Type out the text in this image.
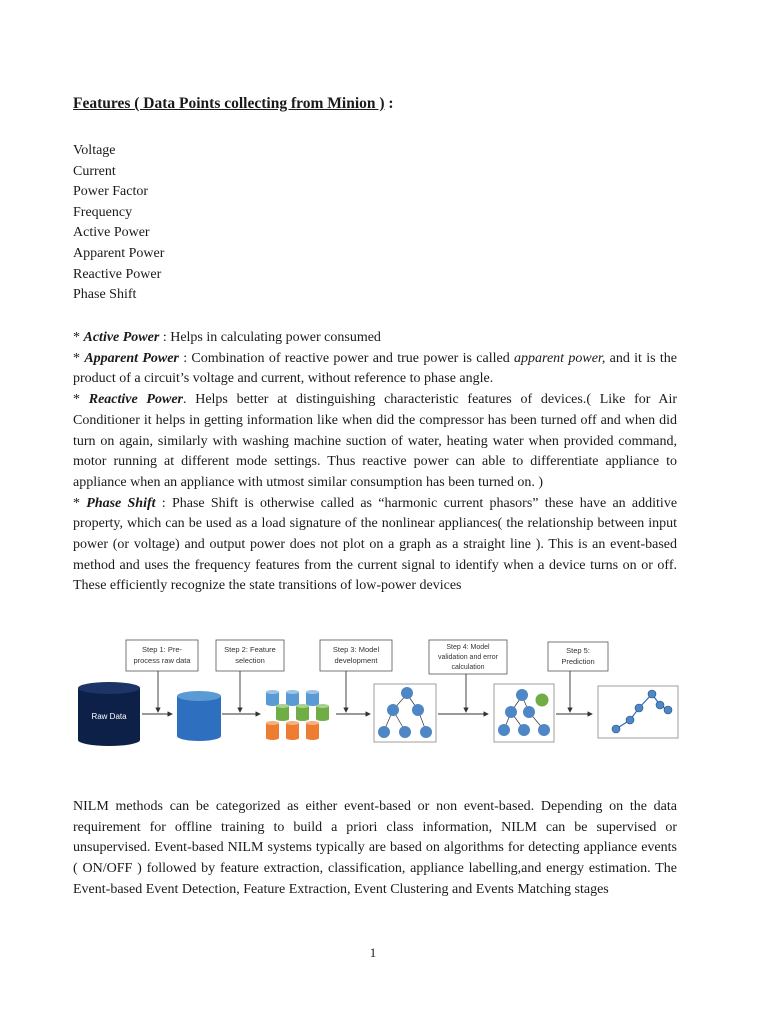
Features ( Data Points collecting from Minion ) :
Voltage
Current
Power Factor
Frequency
Active Power
Apparent Power
Reactive Power
Phase Shift

* Active Power : Helps in calculating power consumed

* Apparent Power : Combination of reactive power and true power is called apparent power, and it is the product of a circuit’s voltage and current, without reference to phase angle.

* Reactive Power. Helps better at distinguishing characteristic features of devices.( Like for Air Conditioner it helps in getting information like when did the compressor has been turned off and when did turn on again, similarly with washing machine suction of water, heating water when provided command, motor running at different mode settings. Thus reactive power can able to differentiate appliance to appliance when an appliance with utmost similar consumption has been turned on. )

* Phase Shift : Phase Shift is otherwise called as “harmonic current phasors” these have an additive property, which can be used as a load signature of the nonlinear appliances( the relationship between input power (or voltage) and output power does not plot on a graph as a straight line ). This is an event-based method and uses the frequency features from the current signal to identify when a device turns on or off. These efficiently recognize the state transitions of low-power devices

Step 1: Pre-
process raw data
Step 2: Feature
selection
Step 3: Model
development
Step 4: Model
validation and error
calculation
Step 5:
Prediction
Raw Data
NILM methods can be categorized as either event-based or non event-based. Depending on the data requirement for offline training to build a priori class information, NILM can be supervised or unsupervised. Event-based NILM systems typically are based on algorithms for detecting appliance events ( ON/OFF ) followed by feature extraction, classification, appliance labelling,and energy estimation. The Event-based Event Detection, Feature Extraction, Event Clustering and Events Matching stages
1
